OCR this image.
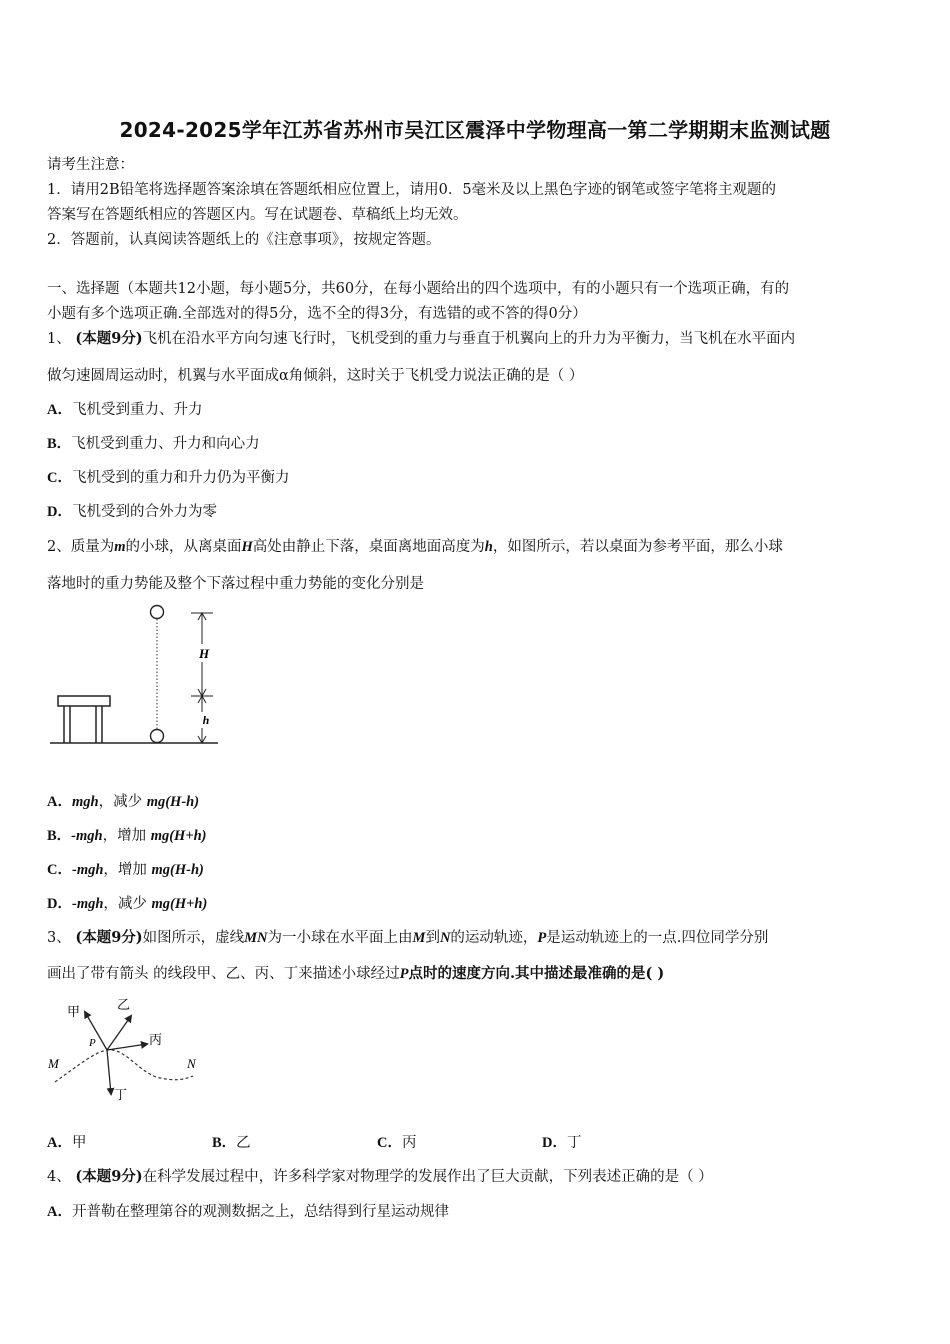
2024-2025学年江苏省苏州市吴江区震泽中学物理高一第二学期期末监测试题
请考生注意：
1．请用2B铅笔将选择题答案涂填在答题纸相应位置上，请用0．5毫米及以上黑色字迹的钢笔或签字笔将主观题的
答案写在答题纸相应的答题区内。写在试题卷、草稿纸上均无效。
2．答题前，认真阅读答题纸上的《注意事项》，按规定答题。
一、选择题（本题共12小题，每小题5分，共60分，在每小题给出的四个选项中，有的小题只有一个选项正确，有的
小题有多个选项正确.全部选对的得5分，选不全的得3分，有选错的或不答的得0分）
1、 (本题9分)飞机在沿水平方向匀速飞行时，飞机受到的重力与垂直于机翼向上的升力为平衡力，当飞机在水平面内
做匀速圆周运动时，机翼与水平面成α角倾斜，这时关于飞机受力说法正确的是（ ）
A．飞机受到重力、升力
B．飞机受到重力、升力和向心力
C．飞机受到的重力和升力仍为平衡力
D．飞机受到的合外力为零
2、质量为m的小球，从离桌面H高处由静止下落，桌面离地面高度为h，如图所示，若以桌面为参考平面，那么小球
落地时的重力势能及整个下落过程中重力势能的变化分别是
H
h
A．mgh，减少 mg(H-h)
B．-mgh，增加 mg(H+h)
C．-mgh，增加 mg(H-h)
D．-mgh，减少 mg(H+h)
3、 (本题9分)如图所示，虚线MN为一小球在水平面上由M到N的运动轨迹，P是运动轨迹上的一点.四位同学分别
画出了带有箭头 的线段甲、乙、丙、丁来描述小球经过P点时的速度方向.其中描述最准确的是( )
甲	乙
丙
丁
P
M	N
A．甲	B．乙	C．丙	D．丁
4、 (本题9分)在科学发展过程中，许多科学家对物理学的发展作出了巨大贡献，下列表述正确的是（ ）
A．开普勒在整理第谷的观测数据之上，总结得到行星运动规律
